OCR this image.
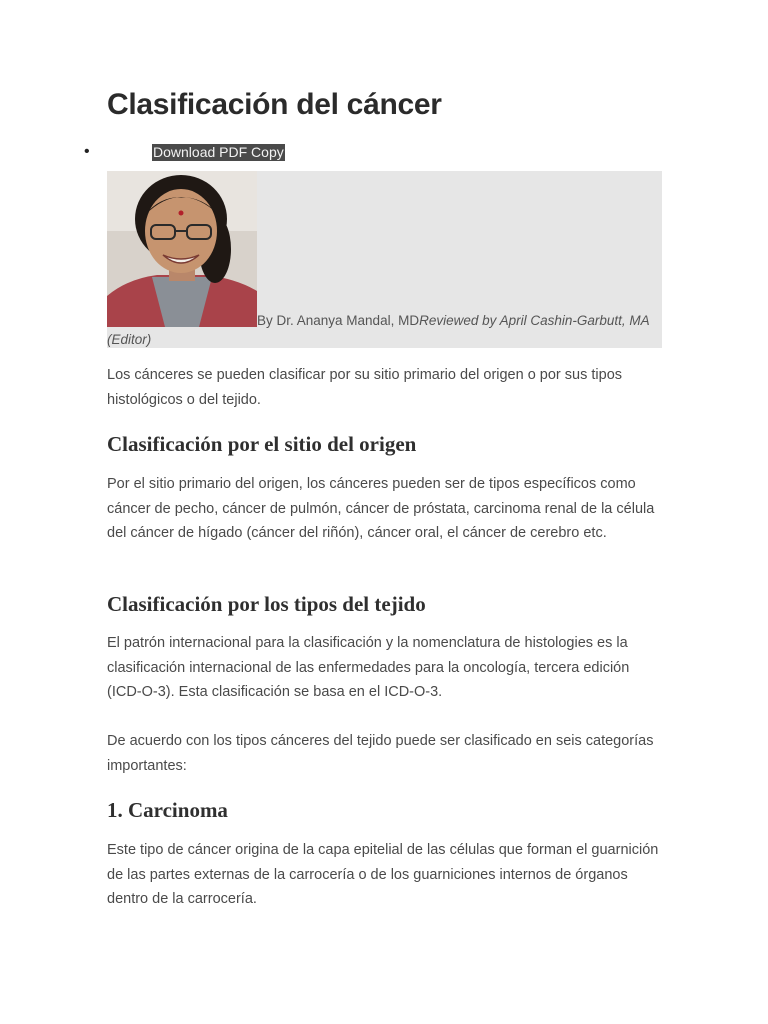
Clasificación del cáncer
•	Download PDF Copy
By Dr. Ananya Mandal, MDReviewed by April Cashin-Garbutt, MA
(Editor)

Los cánceres se pueden clasificar por su sitio primario del origen o por sus tipos histológicos o del tejido.

Clasificación por el sitio del origen

Por el sitio primario del origen, los cánceres pueden ser de tipos específicos como cáncer de pecho, cáncer de pulmón, cáncer de próstata, carcinoma renal de la célula del cáncer de hígado (cáncer del riñón), cáncer oral, el cáncer de cerebro etc.

Clasificación por los tipos del tejido

El patrón internacional para la clasificación y la nomenclatura de histologies es la clasificación internacional de las enfermedades para la oncología, tercera edición (ICD-O-3). Esta clasificación se basa en el ICD-O-3.

De acuerdo con los tipos cánceres del tejido puede ser clasificado en seis categorías importantes:

1. Carcinoma

Este tipo de cáncer origina de la capa epitelial de las células que forman el guarnición de las partes externas de la carrocería o de los guarniciones internos de órganos dentro de la carrocería.
